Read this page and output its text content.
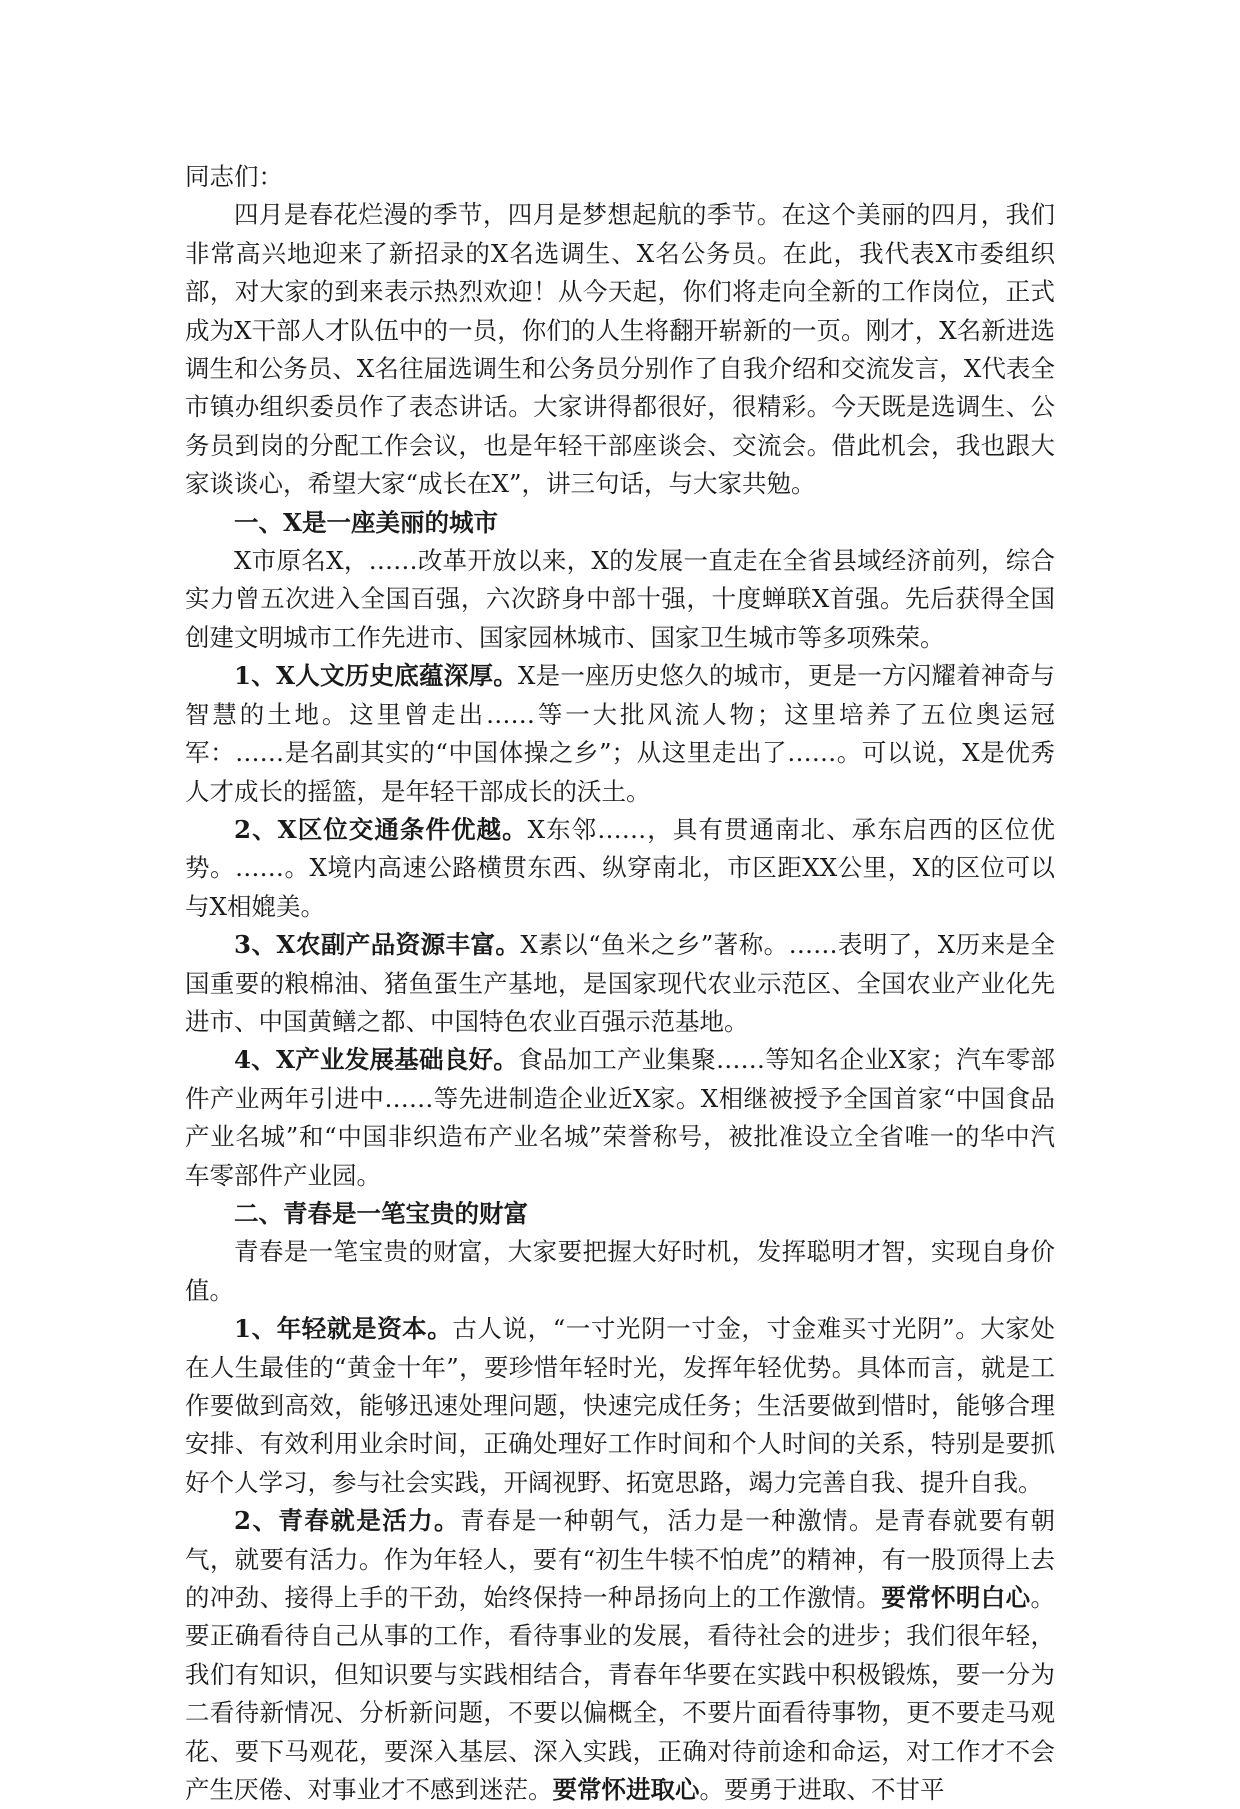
同志们：

四月是春花烂漫的季节，四月是梦想起航的季节。在这个美丽的四月，我们非常高兴地迎来了新招录的X名选调生、X名公务员。在此，我代表X市委组织部，对大家的到来表示热烈欢迎！从今天起，你们将走向全新的工作岗位，正式成为X干部人才队伍中的一员，你们的人生将翻开崭新的一页。刚才，X名新进选调生和公务员、X名往届选调生和公务员分别作了自我介绍和交流发言，X代表全市镇办组织委员作了表态讲话。大家讲得都很好，很精彩。今天既是选调生、公务员到岗的分配工作会议，也是年轻干部座谈会、交流会。借此机会，我也跟大家谈谈心，希望大家“成长在X”，讲三句话，与大家共勉。

一、X是一座美丽的城市

X市原名X，……改革开放以来，X的发展一直走在全省县域经济前列，综合实力曾五次进入全国百强，六次跻身中部十强，十度蝉联X首强。先后获得全国创建文明城市工作先进市、国家园林城市、国家卫生城市等多项殊荣。

1、X人文历史底蕴深厚。X是一座历史悠久的城市，更是一方闪耀着神奇与智慧的土地。这里曾走出……等一大批风流人物；这里培养了五位奥运冠军：……是名副其实的“中国体操之乡”；从这里走出了……。可以说，X是优秀人才成长的摇篮，是年轻干部成长的沃土。

2、X区位交通条件优越。X东邻……，具有贯通南北、承东启西的区位优势。……。X境内高速公路横贯东西、纵穿南北，市区距XX公里，X的区位可以与X相媲美。

3、X农副产品资源丰富。X素以“鱼米之乡”著称。……表明了，X历来是全国重要的粮棉油、猪鱼蛋生产基地，是国家现代农业示范区、全国农业产业化先进市、中国黄鳝之都、中国特色农业百强示范基地。

4、X产业发展基础良好。食品加工产业集聚……等知名企业X家；汽车零部件产业两年引进中……等先进制造企业近X家。X相继被授予全国首家“中国食品产业名城”和“中国非织造布产业名城”荣誉称号，被批准设立全省唯一的华中汽车零部件产业园。

二、青春是一笔宝贵的财富

青春是一笔宝贵的财富，大家要把握大好时机，发挥聪明才智，实现自身价值。

1、年轻就是资本。古人说，“一寸光阴一寸金，寸金难买寸光阴”。大家处在人生最佳的“黄金十年”，要珍惜年轻时光，发挥年轻优势。具体而言，就是工作要做到高效，能够迅速处理问题，快速完成任务；生活要做到惜时，能够合理安排、有效利用业余时间，正确处理好工作时间和个人时间的关系，特别是要抓好个人学习，参与社会实践，开阔视野、拓宽思路，竭力完善自我、提升自我。

2、青春就是活力。青春是一种朝气，活力是一种激情。是青春就要有朝气，就要有活力。作为年轻人，要有“初生牛犊不怕虎”的精神，有一股顶得上去的冲劲、接得上手的干劲，始终保持一种昂扬向上的工作激情。要常怀明白心。要正确看待自己从事的工作，看待事业的发展，看待社会的进步；我们很年轻，我们有知识，但知识要与实践相结合，青春年华要在实践中积极锻炼，要一分为二看待新情况、分析新问题，不要以偏概全，不要片面看待事物，更不要走马观花、要下马观花，要深入基层、深入实践，正确对待前途和命运，对工作才不会产生厌倦、对事业才不感到迷茫。要常怀进取心。要勇于进取、不甘平
